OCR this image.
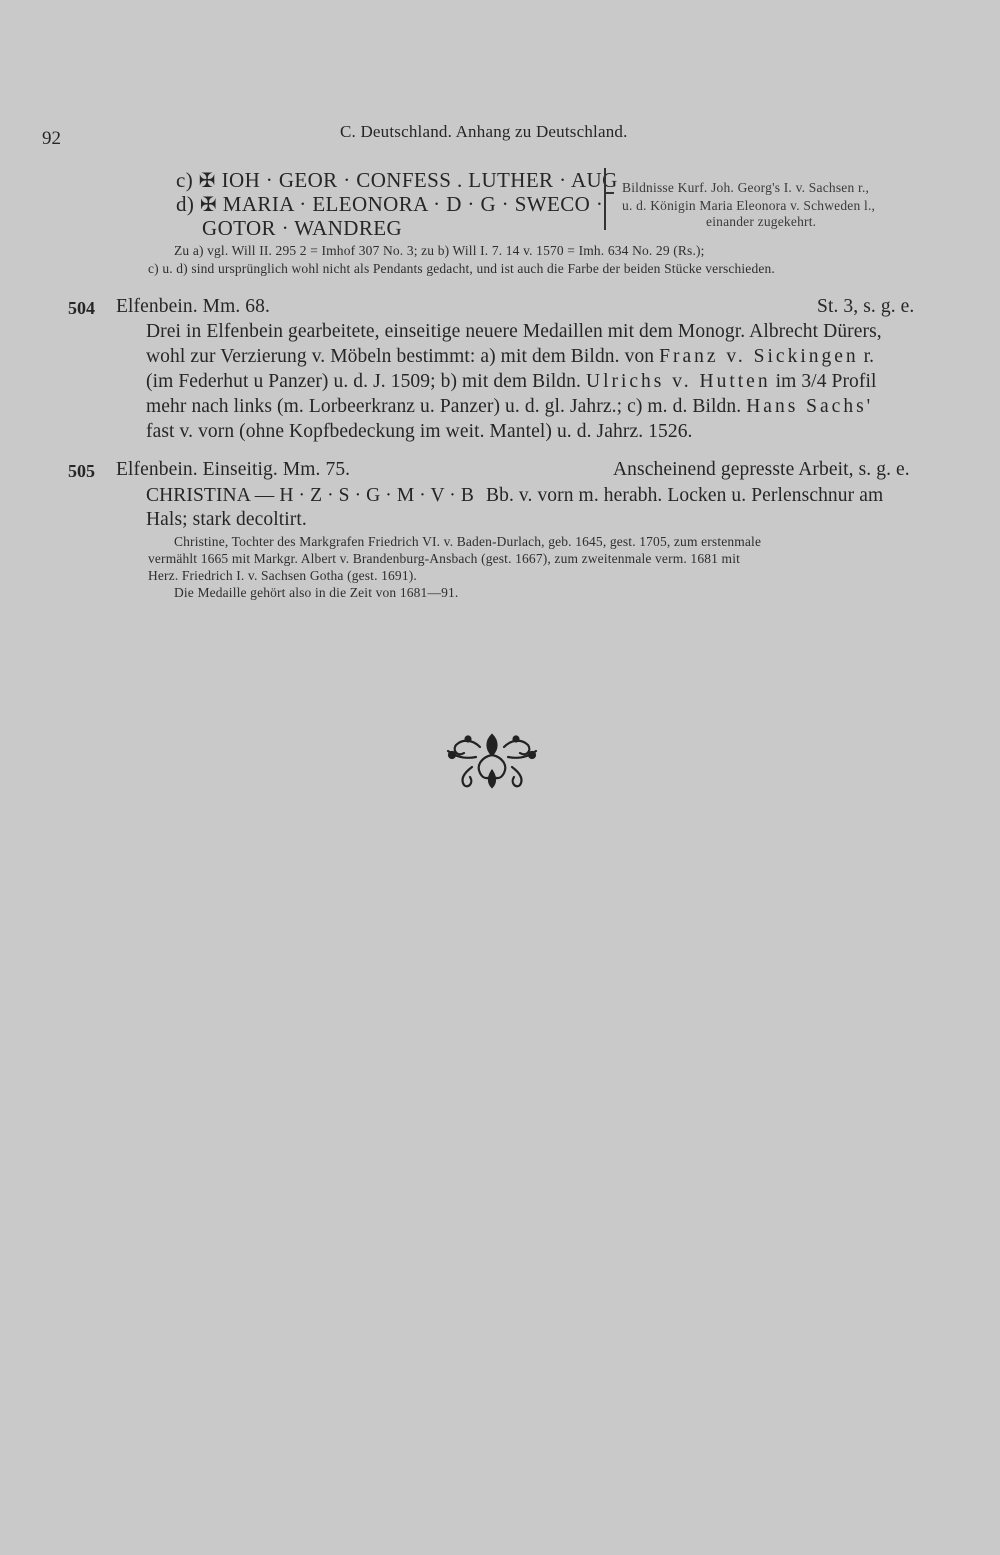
92	C. Deutschland. Anhang zu Deutschland.
c) ✠ IOH · GEOR · CONFESS . LUTHER · AUG
d) ✠ MARIA · ELEONORA · D · G · SWECO ·
GOTOR · WANDREG
Bildnisse Kurf. Joh. Georg's I. v. Sachsen r.,
u. d. Königin Maria Eleonora v. Schweden l.,
einander zugekehrt.
Zu a) vgl. Will II. 295 2 = Imhof 307 No. 3; zu b) Will I. 7. 14 v. 1570 = Imh. 634 No. 29 (Rs.);
c) u. d) sind ursprünglich wohl nicht als Pendants gedacht, und ist auch die Farbe der beiden Stücke verschieden.
504 Elfenbein. Mm. 68.	St. 3, s. g. e.
Drei in Elfenbein gearbeitete, einseitige neuere Medaillen mit dem Monogr. Albrecht Dürers,
wohl zur Verzierung v. Möbeln bestimmt: a) mit dem Bildn. von Franz v. Sickingen r.
(im Federhut u Panzer) u. d. J. 1509; b) mit dem Bildn. Ulrichs v. Hutten im 3/4 Profil
mehr nach links (m. Lorbeerkranz u. Panzer) u. d. gl. Jahrz.; c) m. d. Bildn. Hans Sachs'
fast v. vorn (ohne Kopfbedeckung im weit. Mantel) u. d. Jahrz. 1526.
505 Elfenbein. Einseitig. Mm. 75.	Anscheinend gepresste Arbeit, s. g. e.
CHRISTINA — H · Z · S · G · M · V · B Bb. v. vorn m. herabh. Locken u. Perlenschnur am
Hals; stark decoltirt.
Christine, Tochter des Markgrafen Friedrich VI. v. Baden-Durlach, geb. 1645, gest. 1705, zum erstenmale
vermählt 1665 mit Markgr. Albert v. Brandenburg-Ansbach (gest. 1667), zum zweitenmale verm. 1681 mit
Herz. Friedrich I. v. Sachsen Gotha (gest. 1691).
Die Medaille gehört also in die Zeit von 1681—91.
